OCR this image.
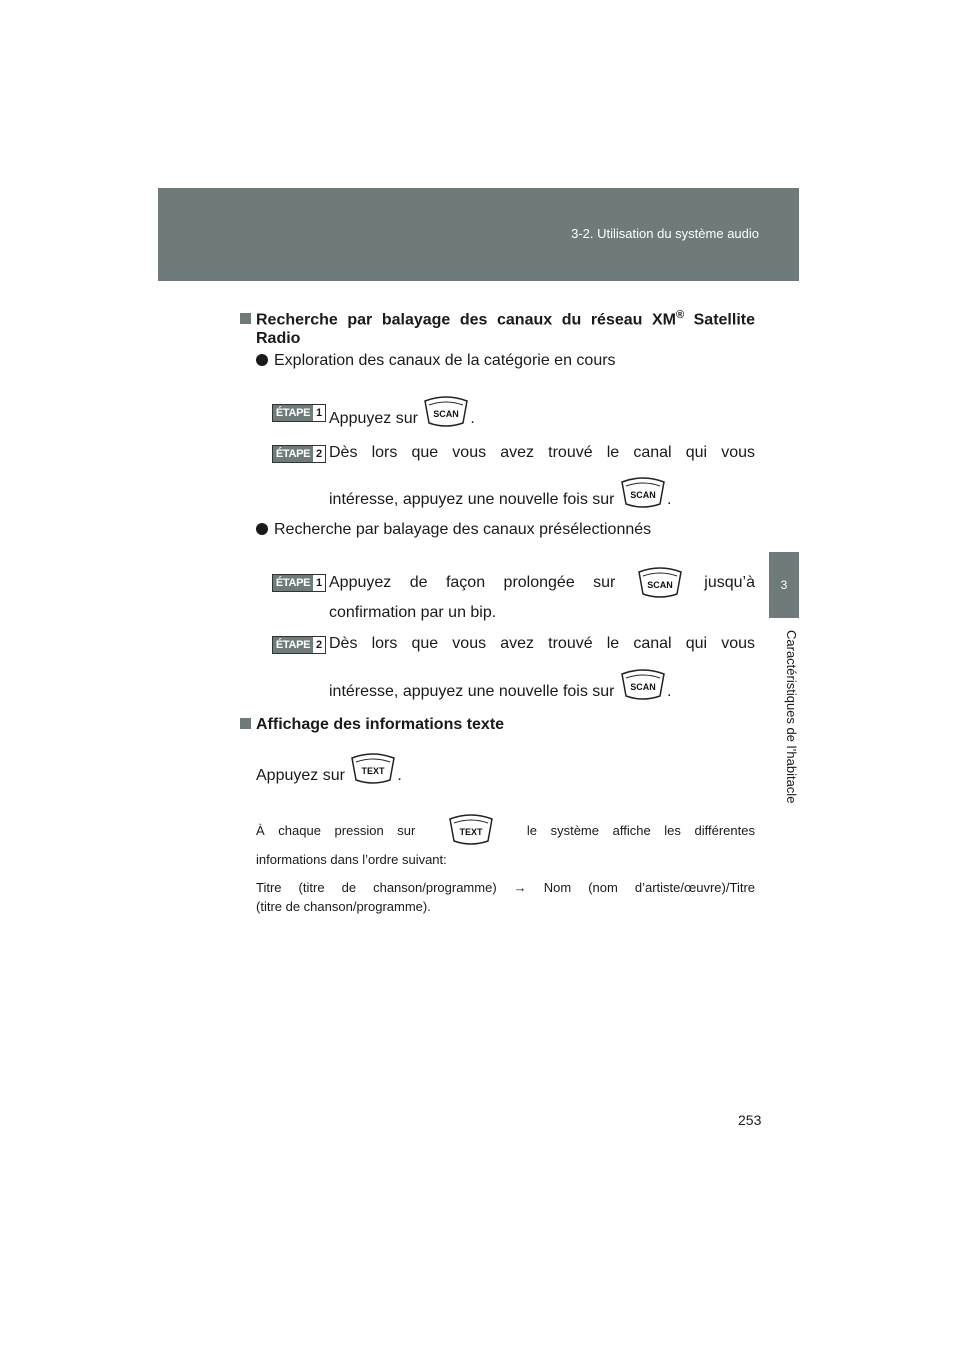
3-2. Utilisation du système audio
3
Caractéristiques de l’habitacle
Recherche par balayage des canaux du réseau XM® Satellite
Radio
Exploration des canaux de la catégorie en cours
ÉTAPE 1 Appuyez sur SCAN .
ÉTAPE 2 Dès lors que vous avez trouvé le canal qui vous
intéresse, appuyez une nouvelle fois sur SCAN .
Recherche par balayage des canaux présélectionnés
ÉTAPE 1 Appuyez de façon prolongée sur	SCAN jusqu’à
confirmation par un bip.
ÉTAPE 2 Dès lors que vous avez trouvé le canal qui vous
intéresse, appuyez une nouvelle fois sur SCAN .
Affichage des informations texte
Appuyez sur TEXT .
À chaque pression sur	TEXT	le système affiche les différentes
informations dans l’ordre suivant:
Titre (titre de chanson/programme) → Nom (nom d’artiste/œuvre)/Titre
(titre de chanson/programme).
253
